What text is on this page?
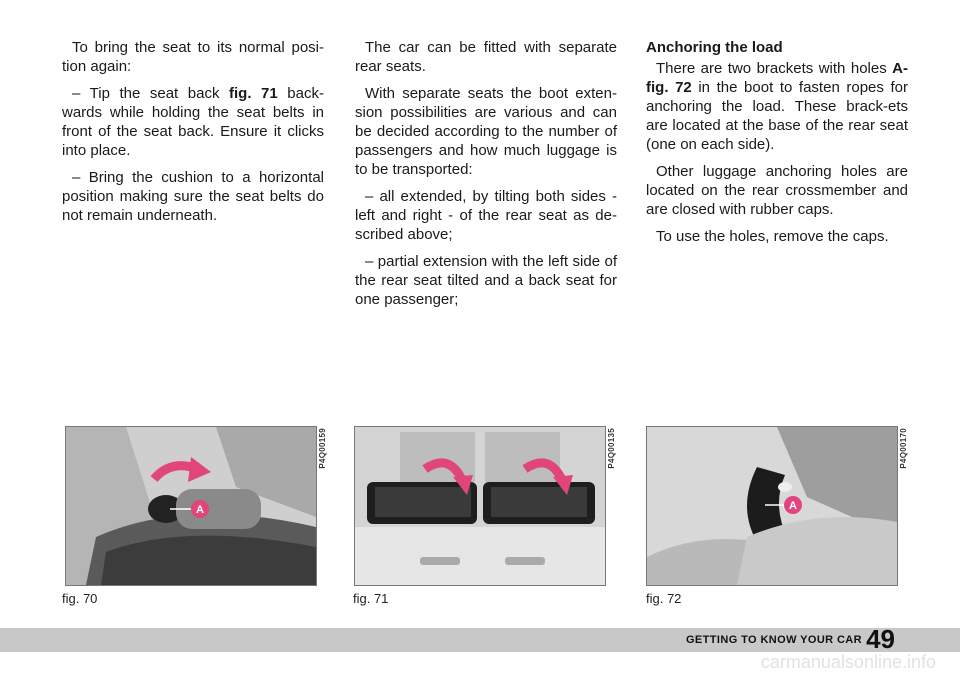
To bring the seat to its normal posi-tion again:

– Tip the seat back fig. 71 back-wards while holding the seat belts in front of the seat back. Ensure it clicks into place.

– Bring the cushion to a horizontal position making sure the seat belts do not remain underneath.

The car can be fitted with separate rear seats.

With separate seats the boot exten-sion possibilities are various and can be decided according to the number of passengers and how much luggage is to be transported:

– all extended, by tilting both sides - left and right - of the rear seat as de-scribed above;

– partial extension with the left side of the rear seat tilted and a back seat for one passenger;

Anchoring the load

There are two brackets with holes A-fig. 72 in the boot to fasten ropes for anchoring the load. These brack-ets are located at the base of the rear seat (one on each side).

Other luggage anchoring holes are located on the rear crossmember and are closed with rubber caps.

To use the holes, remove the caps.

A	A
P4Q00159	P4Q00135	P4Q00170
fig. 70	fig. 71	fig. 72
GETTING TO KNOW YOUR CAR 49
carmanualsonline.info
